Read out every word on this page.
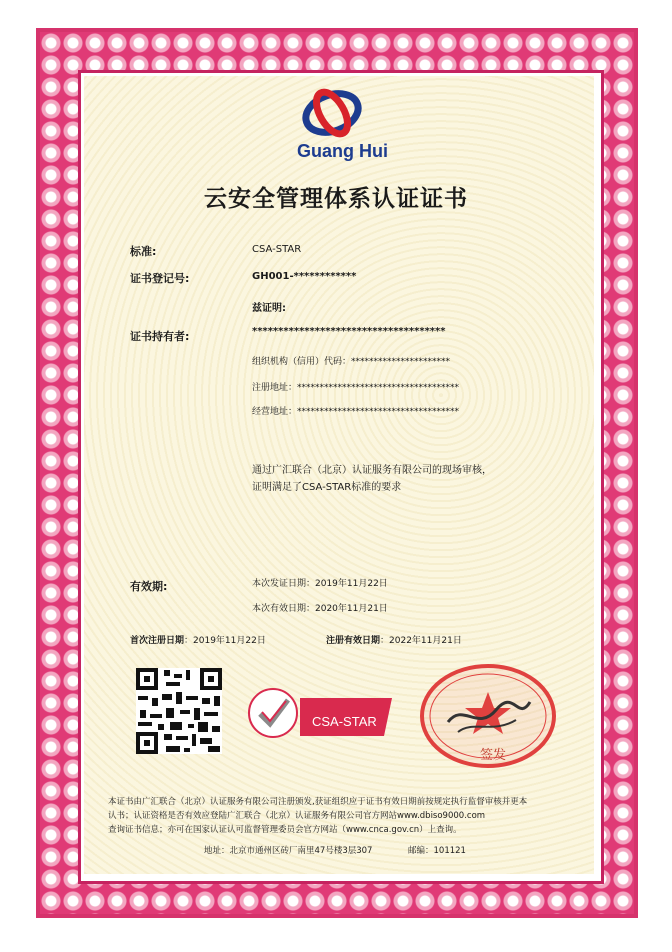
Guang Hui
云安全管理体系认证证书
标准:	CSA-STAR
证书登记号:	GH001-************
兹证明:
证书持有者:	*************************************
组织机构（信用）代码：**********************
注册地址：************************************
经营地址：************************************
通过广汇联合（北京）认证服务有限公司的现场审核，
证明满足了CSA-STAR标准的要求
有效期:	本次发证日期：2019年11月22日
本次有效日期：2020年11月21日
首次注册日期：2019年11月22日	注册有效日期：2022年11月21日
CSA-STAR
签发
本证书由广汇联合（北京）认证服务有限公司注册颁发,获证组织应于证书有效日期前按规定执行监督审核并更本
认书；认证资格是否有效应登陆广汇联合（北京）认证服务有限公司官方网站www.dbiso9000.com
查询证书信息；亦可在国家认证认可监督管理委员会官方网站（www.cnca.gov.cn）上查询。
地址：北京市通州区砖厂南里47号楼3层307	邮编：101121
